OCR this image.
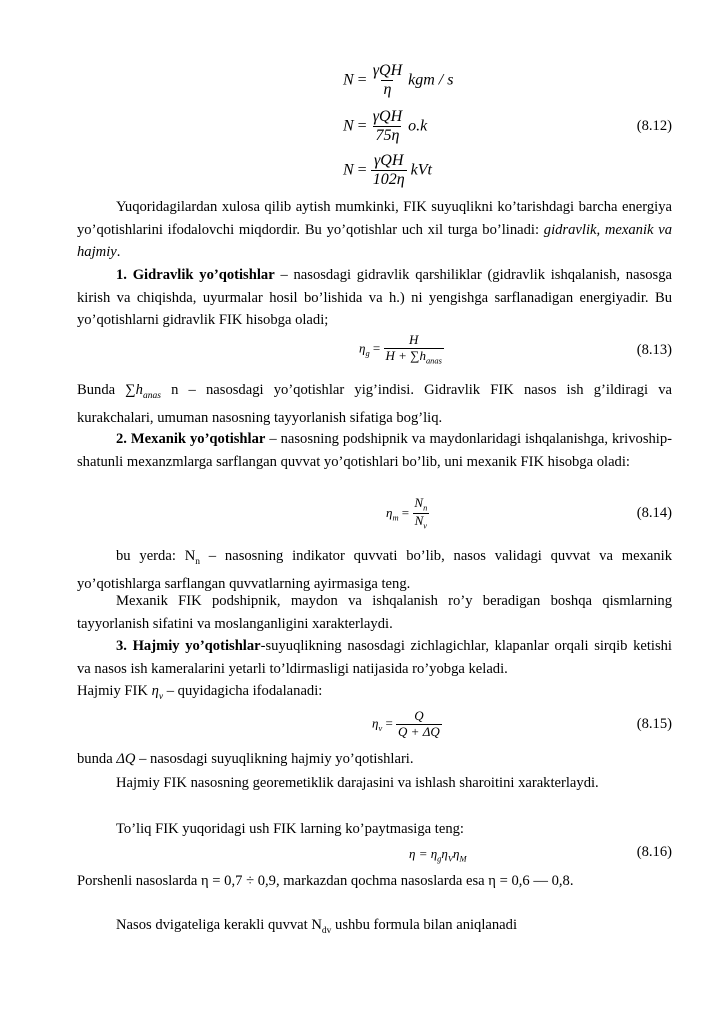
$N = \frac{\text{γQH}}{\eta}$ kgm / s
$N = \frac{\text{γQH}}{75\eta} o.k$
$N = \frac{\text{γQH}}{102\eta}$ kVt
(8.12)
Yuqoridagilardan xulosa qilib aytish mumkinki, FIK suyuqlikni ko’tarishdagi barcha energiya yo’qotishlarini ifodalovchi miqdordir. Bu yo’qotishlar uch xil turga bo’linadi: gidravlik, mexanik va hajmiy.
1. Gidravlik yo’qotishlar – nasosdagi gidravlik qarshiliklar (gidravlik ishqalanish, nasosga kirish va chiqishda, uyurmalar hosil bo’lishida va h.) ni yengishga sarflanadigan energiyadir. Bu yo’qotishlarni gidravlik FIK hisobga oladi;
$\eta_g = \frac{H}{H + \sum h_{anas}}$	(8.13)
Bunda $\sum h_{anas}$ n – nasosdagi yo’qotishlar yig’indisi. Gidravlik FIK nasos ish g’ildiragi va kurakchalari, umuman nasosning tayyorlanish sifatiga bog’liq.
2. Mexanik yo’qotishlar – nasosning podshipnik va maydonlaridagi ishqalanishga, krivoship-shatunli mexanzmlarga sarflangan quvvat yo’qotishlari bo’lib, uni mexanik FIK hisobga oladi:
$\eta_m = \frac{N_n}{N_v}$	(8.14)
bu yerda: $N_n$ – nasosning indikator quvvati bo’lib, nasos validagi quvvat va mexanik yo’qotishlarga sarflangan quvvatlarning ayirmasiga teng.
Mexanik FIK podshipnik, maydon va ishqalanish ro’y beradigan boshqa qismlarning tayyorlanish sifatini va moslanganligini xarakterlaydi.
3. Hajmiy yo’qotishlar-suyuqlikning nasosdagi zichlagichlar, klapanlar orqali sirqib ketishi va nasos ish kameralarini yetarli to’ldirmasligi natijasida ro’yobga keladi.
Hajmiy FIK $\eta_v$ – quyidagicha ifodalanadi:
$\eta_v = \frac{Q}{Q + \Delta Q}$	(8.15)
bunda ΔQ – nasosdagi suyuqlikning hajmiy yo’qotishlari.
Hajmiy FIK nasosning georemetiklik darajasini va ishlash sharoitini xarakterlaydi.
To’liq FIK yuqoridagi ush FIK larning ko’paytmasiga teng:
$\eta = \eta_g\eta_V\eta_M$	(8.16)
Porshenli nasoslarda η = 0,7 ÷ 0,9, markazdan qochma nasoslarda esa η = 0,6 — 0,8.
Nasos dvigateliga kerakli quvvat $N_{dv}$ ushbu formula bilan aniqlanadi
